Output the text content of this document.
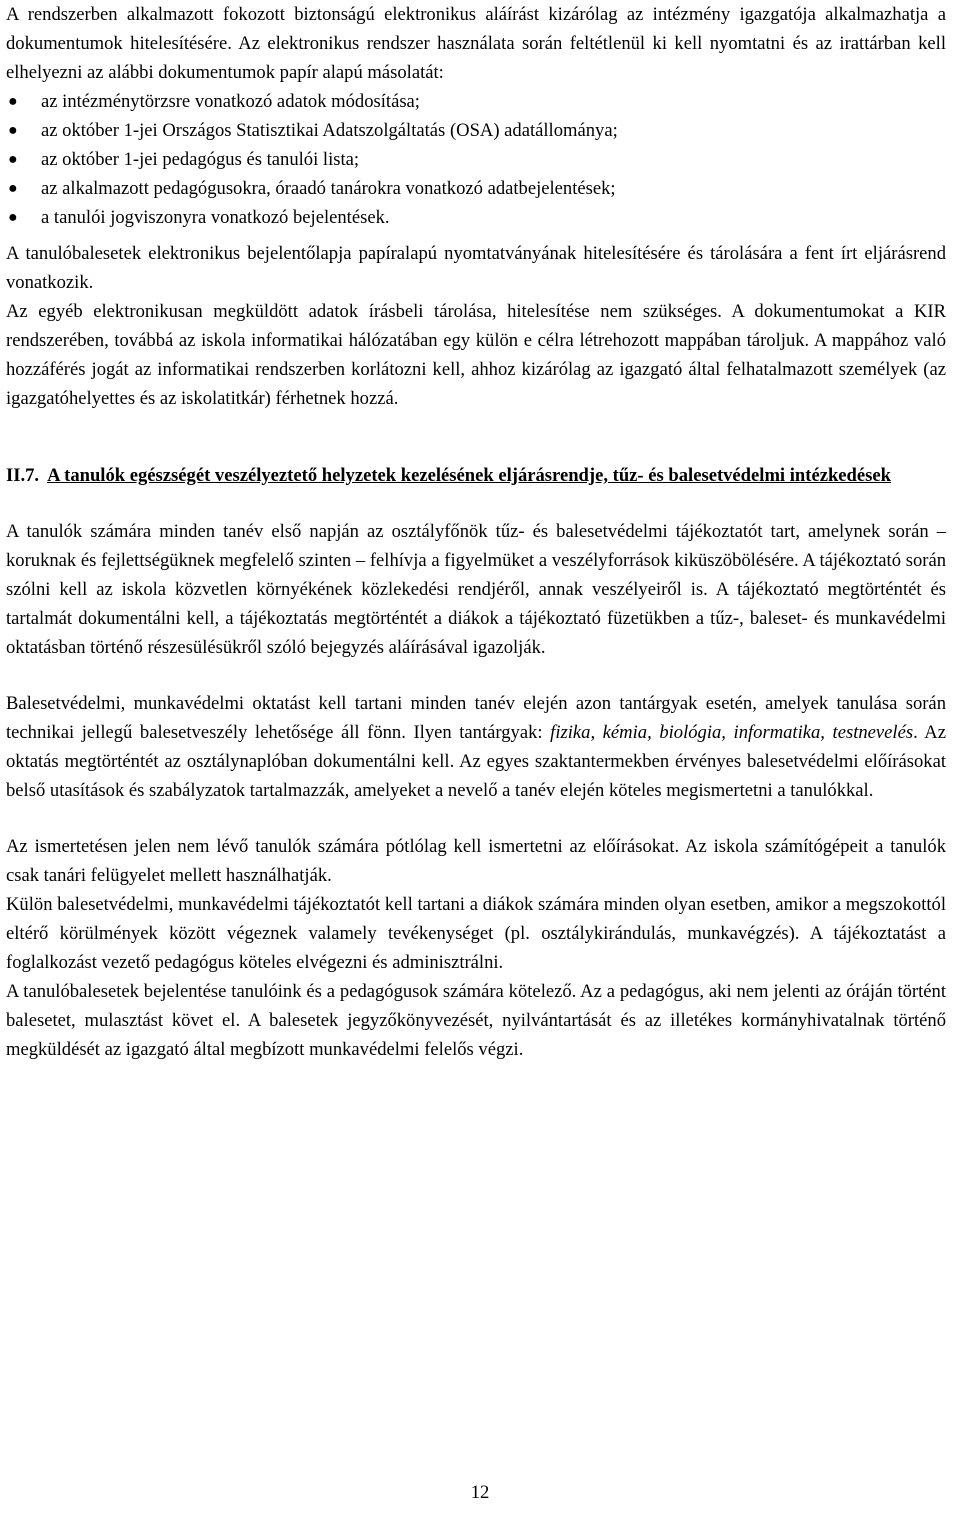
A rendszerben alkalmazott fokozott biztonságú elektronikus aláírást kizárólag az intézmény igazgatója alkalmazhatja a dokumentumok hitelesítésére. Az elektronikus rendszer használata során feltétlenül ki kell nyomtatni és az irattárban kell elhelyezni az alábbi dokumentumok papír alapú másolatát:

● az intézménytörzsre vonatkozó adatok módosítása;
● az október 1-jei Országos Statisztikai Adatszolgáltatás (OSA) adatállománya;
● az október 1-jei pedagógus és tanulói lista;
● az alkalmazott pedagógusokra, óraadó tanárokra vonatkozó adatbejelentések;
● a tanulói jogviszonyra vonatkozó bejelentések.

A tanulóbalesetek elektronikus bejelentőlapja papíralapú nyomtatványának hitelesítésére és tárolására a fent írt eljárásrend vonatkozik.

Az egyéb elektronikusan megküldött adatok írásbeli tárolása, hitelesítése nem szükséges. A dokumentumokat a KIR rendszerében, továbbá az iskola informatikai hálózatában egy külön e célra létrehozott mappában tároljuk. A mappához való hozzáférés jogát az informatikai rendszerben korlátozni kell, ahhoz kizárólag az igazgató által felhatalmazott személyek (az igazgatóhelyettes és az iskolatitkár) férhetnek hozzá.

II.7. A tanulók egészségét veszélyeztető helyzetek kezelésének eljárásrendje, tűz- és balesetvédelmi intézkedések

A tanulók számára minden tanév első napján az osztályfőnök tűz- és balesetvédelmi tájékoztatót tart, amelynek során – koruknak és fejlettségüknek megfelelő szinten – felhívja a figyelmüket a veszélyforrások kiküszöbölésére. A tájékoztató során szólni kell az iskola közvetlen környékének közlekedési rendjéről, annak veszélyeiről is. A tájékoztató megtörténtét és tartalmát dokumentálni kell, a tájékoztatás megtörténtét a diákok a tájékoztató füzetükben a tűz-, baleset- és munkavédelmi oktatásban történő részesülésükről szóló bejegyzés aláírásával igazolják.

Balesetvédelmi, munkavédelmi oktatást kell tartani minden tanév elején azon tantárgyak esetén, amelyek tanulása során technikai jellegű balesetveszély lehetősége áll fönn. Ilyen tantárgyak: fizika, kémia, biológia, informatika, testnevelés. Az oktatás megtörténtét az osztálynaplóban dokumentálni kell. Az egyes szaktantermekben érvényes balesetvédelmi előírásokat belső utasítások és szabályzatok tartalmazzák, amelyeket a nevelő a tanév elején köteles megismertetni a tanulókkal.

Az ismertetésen jelen nem lévő tanulók számára pótlólag kell ismertetni az előírásokat. Az iskola számítógépeit a tanulók csak tanári felügyelet mellett használhatják.

Külön balesetvédelmi, munkavédelmi tájékoztatót kell tartani a diákok számára minden olyan esetben, amikor a megszokottól eltérő körülmények között végeznek valamely tevékenységet (pl. osztálykirándulás, munkavégzés). A tájékoztatást a foglalkozást vezető pedagógus köteles elvégezni és adminisztrálni.

A tanulóbalesetek bejelentése tanulóink és a pedagógusok számára kötelező. Az a pedagógus, aki nem jelenti az óráján történt balesetet, mulasztást követ el. A balesetek jegyzőkönyvezését, nyilvántartását és az illetékes kormányhivatalnak történő megküldését az igazgató által megbízott munkavédelmi felelős végzi.

12
